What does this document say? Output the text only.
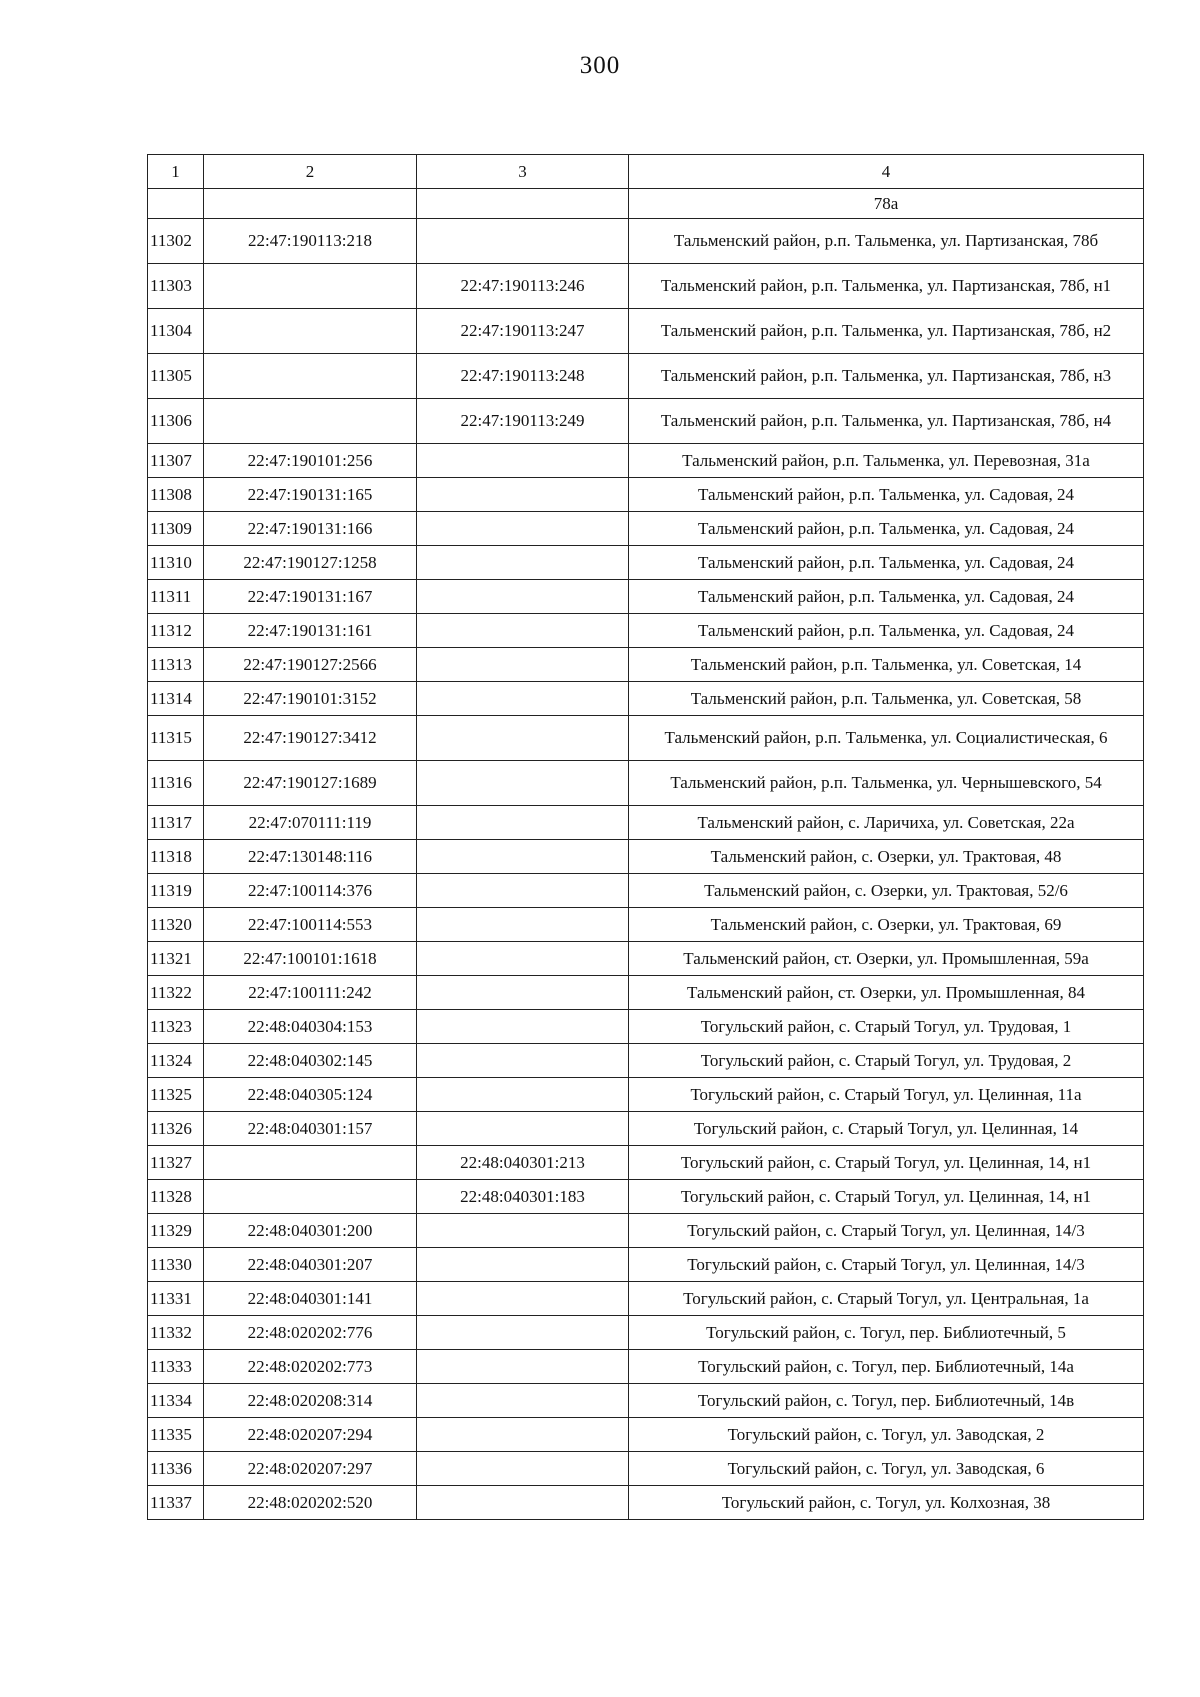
300
1	2	3	4
			78а
11302	22:47:190113:218		Тальменский район, р.п. Тальменка, ул. Партизанская, 78б
11303		22:47:190113:246	Тальменский район, р.п. Тальменка, ул. Партизанская, 78б, н1
11304		22:47:190113:247	Тальменский район, р.п. Тальменка, ул. Партизанская, 78б, н2
11305		22:47:190113:248	Тальменский район, р.п. Тальменка, ул. Партизанская, 78б, н3
11306		22:47:190113:249	Тальменский район, р.п. Тальменка, ул. Партизанская, 78б, н4
11307	22:47:190101:256		Тальменский район, р.п. Тальменка, ул. Перевозная, 31а
11308	22:47:190131:165		Тальменский район, р.п. Тальменка, ул. Садовая, 24
11309	22:47:190131:166		Тальменский район, р.п. Тальменка, ул. Садовая, 24
11310	22:47:190127:1258		Тальменский район, р.п. Тальменка, ул. Садовая, 24
11311	22:47:190131:167		Тальменский район, р.п. Тальменка, ул. Садовая, 24
11312	22:47:190131:161		Тальменский район, р.п. Тальменка, ул. Садовая, 24
11313	22:47:190127:2566		Тальменский район, р.п. Тальменка, ул. Советская, 14
11314	22:47:190101:3152		Тальменский район, р.п. Тальменка, ул. Советская, 58
11315	22:47:190127:3412		Тальменский район, р.п. Тальменка, ул. Социалистическая, 6
11316	22:47:190127:1689		Тальменский район, р.п. Тальменка, ул. Чернышевского, 54
11317	22:47:070111:119		Тальменский район, с. Ларичиха, ул. Советская, 22а
11318	22:47:130148:116		Тальменский район, с. Озерки, ул. Трактовая, 48
11319	22:47:100114:376		Тальменский район, с. Озерки, ул. Трактовая, 52/6
11320	22:47:100114:553		Тальменский район, с. Озерки, ул. Трактовая, 69
11321	22:47:100101:1618		Тальменский район, ст. Озерки, ул. Промышленная, 59а
11322	22:47:100111:242		Тальменский район, ст. Озерки, ул. Промышленная, 84
11323	22:48:040304:153		Тогульский район, с. Старый Тогул, ул. Трудовая, 1
11324	22:48:040302:145		Тогульский район, с. Старый Тогул, ул. Трудовая, 2
11325	22:48:040305:124		Тогульский район, с. Старый Тогул, ул. Целинная, 11а
11326	22:48:040301:157		Тогульский район, с. Старый Тогул, ул. Целинная, 14
11327		22:48:040301:213	Тогульский район, с. Старый Тогул, ул. Целинная, 14, н1
11328		22:48:040301:183	Тогульский район, с. Старый Тогул, ул. Целинная, 14, н1
11329	22:48:040301:200		Тогульский район, с. Старый Тогул, ул. Целинная, 14/3
11330	22:48:040301:207		Тогульский район, с. Старый Тогул, ул. Целинная, 14/3
11331	22:48:040301:141		Тогульский район, с. Старый Тогул, ул. Центральная, 1а
11332	22:48:020202:776		Тогульский район, с. Тогул, пер. Библиотечный, 5
11333	22:48:020202:773		Тогульский район, с. Тогул, пер. Библиотечный, 14а
11334	22:48:020208:314		Тогульский район, с. Тогул, пер. Библиотечный, 14в
11335	22:48:020207:294		Тогульский район, с. Тогул, ул. Заводская, 2
11336	22:48:020207:297		Тогульский район, с. Тогул, ул. Заводская, 6
11337	22:48:020202:520		Тогульский район, с. Тогул, ул. Колхозная, 38
